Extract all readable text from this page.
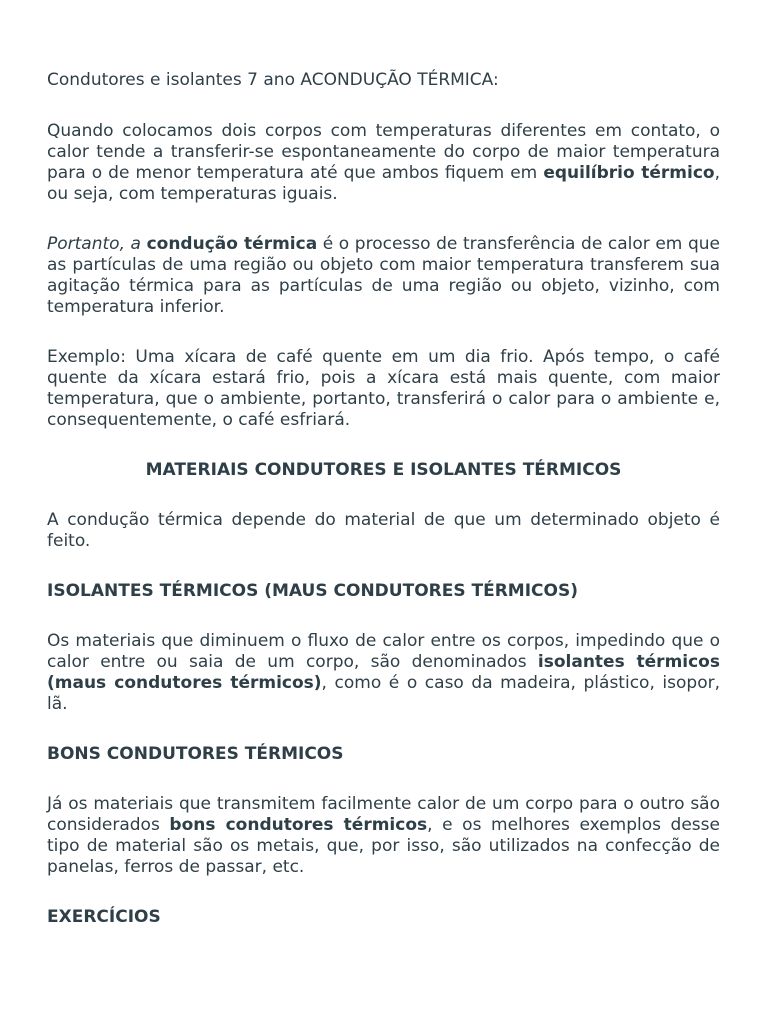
Condutores e isolantes 7 ano ACONDUÇÃO TÉRMICA:

Quando colocamos dois corpos com temperaturas diferentes em contato, o calor tende a transferir-se espontaneamente do corpo de maior temperatura para o de menor temperatura até que ambos fiquem em equilíbrio térmico, ou seja, com temperaturas iguais.

Portanto, a condução térmica é o processo de transferência de calor em que as partículas de uma região ou objeto com maior temperatura transferem sua agitação térmica para as partículas de uma região ou objeto, vizinho, com temperatura inferior.

Exemplo: Uma xícara de café quente em um dia frio. Após tempo, o café quente da xícara estará frio, pois a xícara está mais quente, com maior temperatura, que o ambiente, portanto, transferirá o calor para o ambiente e, consequentemente, o café esfriará.

MATERIAIS CONDUTORES E ISOLANTES TÉRMICOS

A condução térmica depende do material de que um determinado objeto é feito.

ISOLANTES TÉRMICOS (MAUS CONDUTORES TÉRMICOS)

Os materiais que diminuem o fluxo de calor entre os corpos, impedindo que o calor entre ou saia de um corpo, são denominados isolantes térmicos (maus condutores térmicos), como é o caso da madeira, plástico, isopor, lã.

BONS CONDUTORES TÉRMICOS

Já os materiais que transmitem facilmente calor de um corpo para o outro são considerados bons condutores térmicos, e os melhores exemplos desse tipo de material são os metais, que, por isso, são utilizados na confecção de panelas, ferros de passar, etc.

EXERCÍCIOS
